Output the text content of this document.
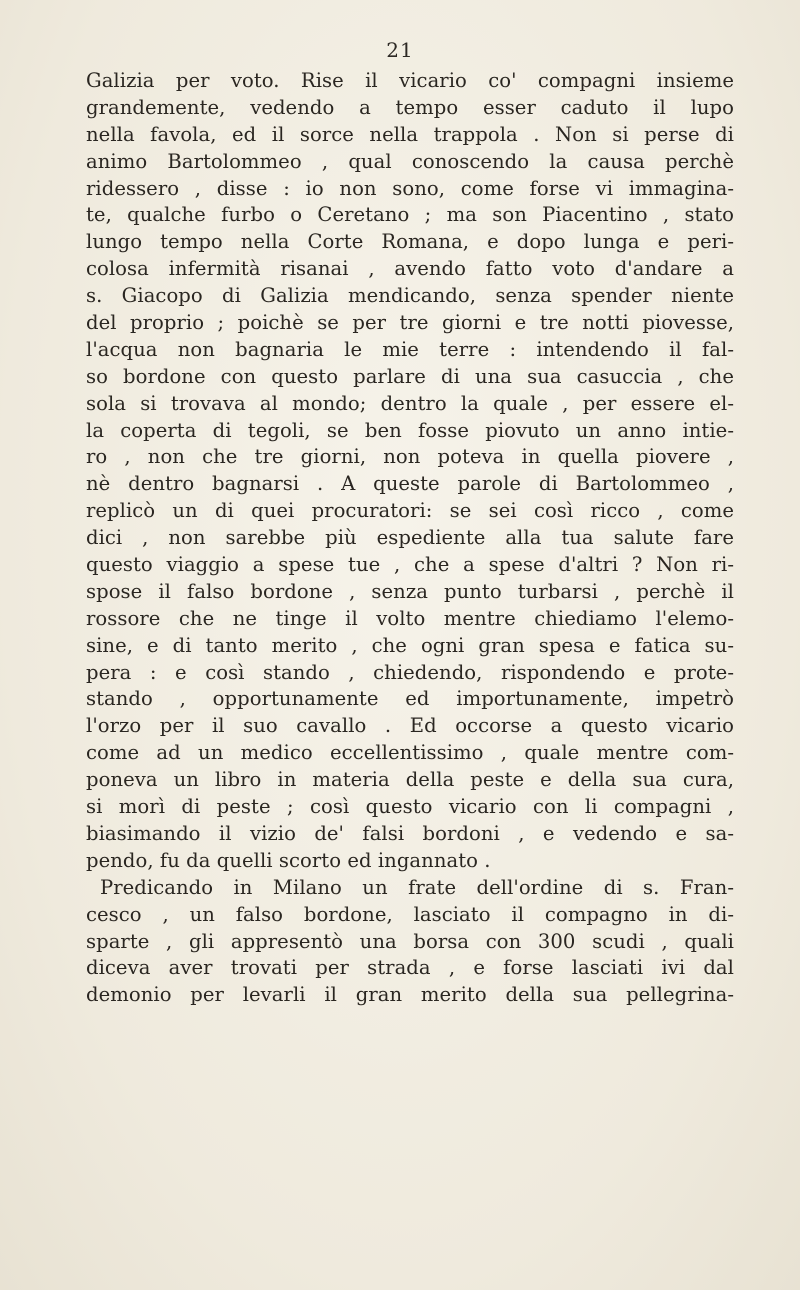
21
Galizia per voto. Rise il vicario co' compagni insieme
grandemente, vedendo a tempo esser caduto il lupo
nella favola, ed il sorce nella trappola . Non si perse di
animo Bartolommeo , qual conoscendo la causa perchè
ridessero , disse : io non sono, come forse vi immagina-
te, qualche furbo o Ceretano ; ma son Piacentino , stato
lungo tempo nella Corte Romana, e dopo lunga e peri-
colosa infermità risanai , avendo fatto voto d'andare a
s. Giacopo di Galizia mendicando, senza spender niente
del proprio ; poichè se per tre giorni e tre notti piovesse,
l'acqua non bagnaria le mie terre : intendendo il fal-
so bordone con questo parlare di una sua casuccia , che
sola si trovava al mondo; dentro la quale , per essere el-
la coperta di tegoli, se ben fosse piovuto un anno intie-
ro , non che tre giorni, non poteva in quella piovere ,
nè dentro bagnarsi . A queste parole di Bartolommeo ,
replicò un di quei procuratori: se sei così ricco , come
dici , non sarebbe più espediente alla tua salute fare
questo viaggio a spese tue , che a spese d'altri ? Non ri-
spose il falso bordone , senza punto turbarsi , perchè il
rossore che ne tinge il volto mentre chiediamo l'elemo-
sine, e di tanto merito , che ogni gran spesa e fatica su-
pera : e così stando , chiedendo, rispondendo e prote-
stando , opportunamente ed importunamente, impetrò
l'orzo per il suo cavallo . Ed occorse a questo vicario
come ad un medico eccellentissimo , quale mentre com-
poneva un libro in materia della peste e della sua cura,
si morì di peste ; così questo vicario con li compagni ,
biasimando il vizio de' falsi bordoni , e vedendo e sa-
pendo, fu da quelli scorto ed ingannato .
Predicando in Milano un frate dell'ordine di s. Fran-
cesco , un falso bordone, lasciato il compagno in di-
sparte , gli appresentò una borsa con 300 scudi , quali
diceva aver trovati per strada , e forse lasciati ivi dal
demonio per levarli il gran merito della sua pellegrina-
